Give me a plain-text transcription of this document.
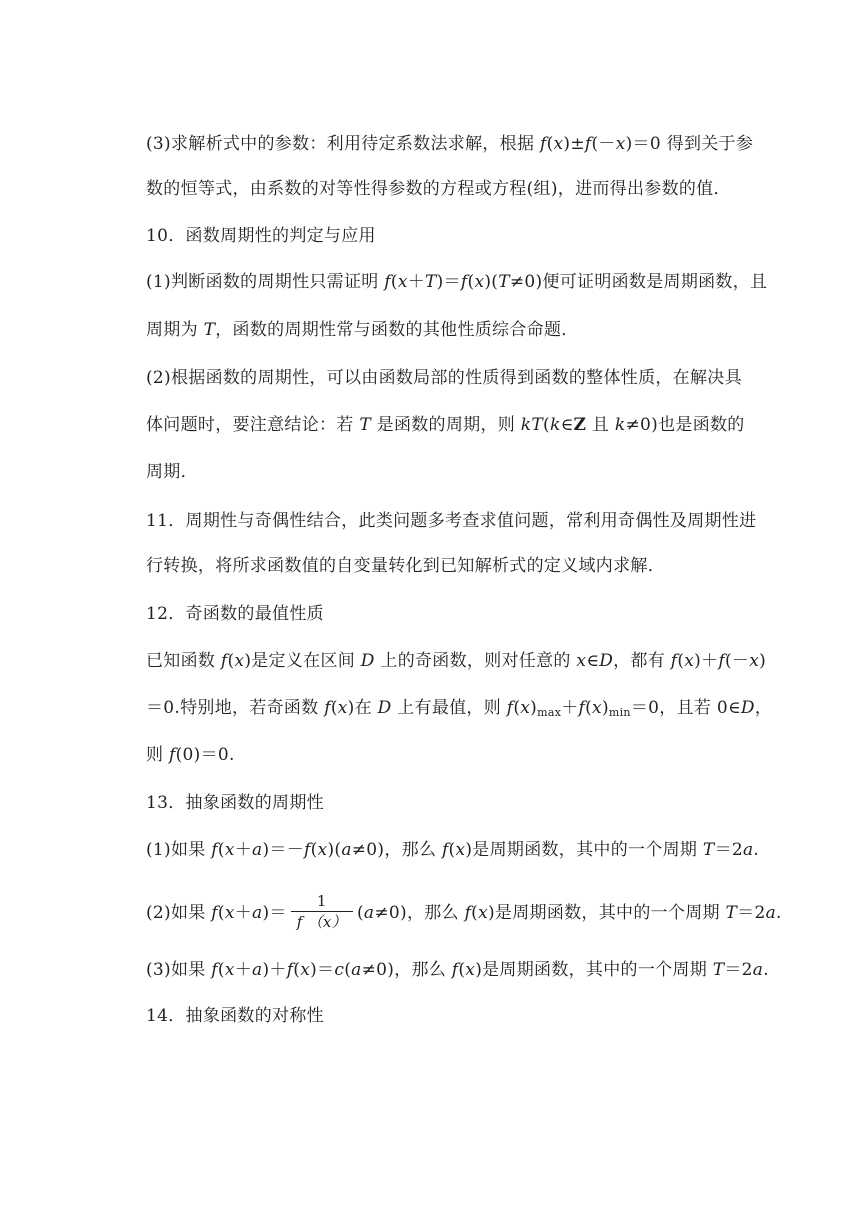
(3)求解析式中的参数：利用待定系数法求解，根据 f(x)±f(－x)＝0 得到关于参
数的恒等式，由系数的对等性得参数的方程或方程(组)，进而得出参数的值．
10．函数周期性的判定与应用
(1)判断函数的周期性只需证明 f(x＋T)＝f(x)(T≠0)便可证明函数是周期函数，且
周期为 T，函数的周期性常与函数的其他性质综合命题．
(2)根据函数的周期性，可以由函数局部的性质得到函数的整体性质，在解决具
体问题时，要注意结论：若 T 是函数的周期，则 kT(k∈Z 且 k≠0)也是函数的
周期．
11．周期性与奇偶性结合，此类问题多考查求值问题，常利用奇偶性及周期性进
行转换，将所求函数值的自变量转化到已知解析式的定义域内求解．
12．奇函数的最值性质
已知函数 f(x)是定义在区间 D 上的奇函数，则对任意的 x∈D，都有 f(x)＋f(－x)
＝0.特别地，若奇函数 f(x)在 D 上有最值，则 $f(x)_{max}+f(x)_{min}=0$，且若 0∈D，
则 f(0)＝0.
13．抽象函数的周期性
(1)如果 f(x＋a)＝－f(x)(a≠0)，那么 f(x)是周期函数，其中的一个周期 T＝2a.
(2)如果 $f(x+a)= \frac{1}{f (x)} (a\ne 0)$，那么 f(x)是周期函数，其中的一个周期 T＝2a.
(3)如果 f(x＋a)＋f(x)＝c(a≠0)，那么 f(x)是周期函数，其中的一个周期 T＝2a.
14．抽象函数的对称性
